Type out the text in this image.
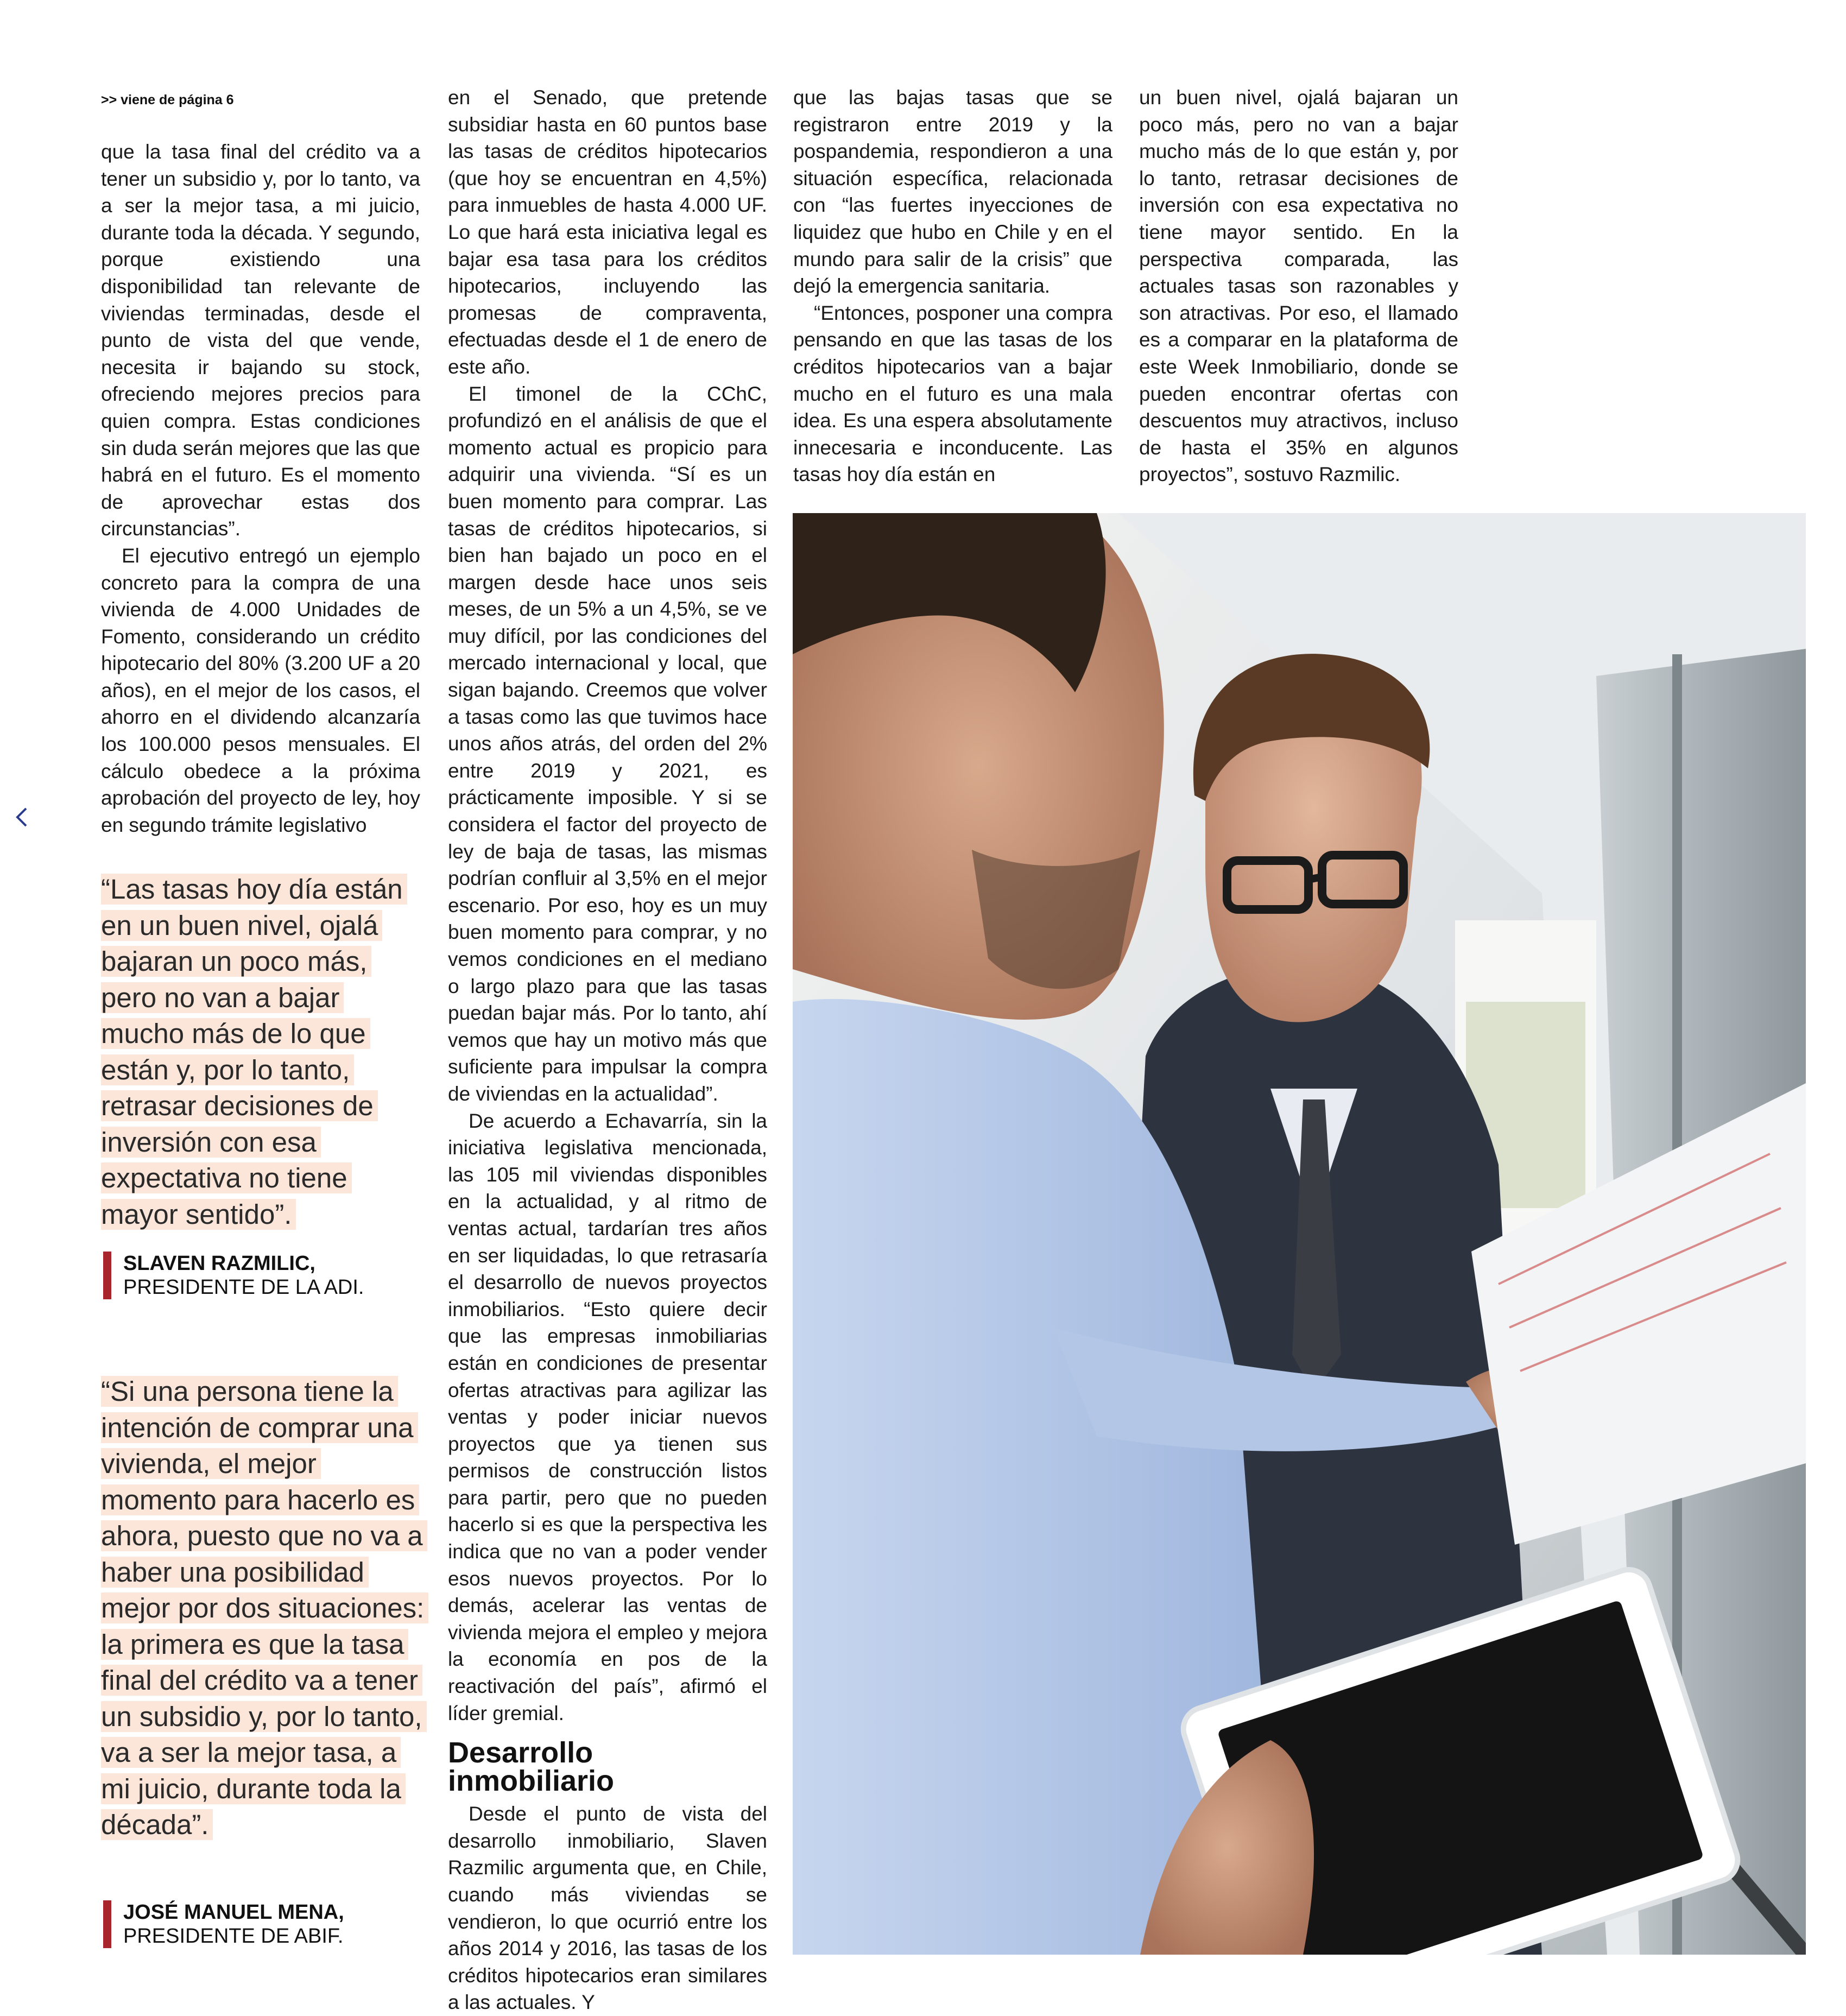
>> viene de página 6

que la tasa final del crédito va a tener un subsidio y, por lo tanto, va a ser la mejor tasa, a mi juicio, durante toda la década. Y segundo, porque existiendo una disponibilidad tan relevante de viviendas terminadas, desde el punto de vista del que vende, necesita ir bajando su stock, ofreciendo mejores precios para quien compra. Estas condiciones sin duda serán mejores que las que habrá en el futuro. Es el momento de aprovechar estas dos circunstancias”.

El ejecutivo entregó un ejemplo concreto para la compra de una vivienda de 4.000 Unidades de Fomento, considerando un crédito hipotecario del 80% (3.200 UF a 20 años), en el mejor de los casos, el ahorro en el dividendo alcanzaría los 100.000 pesos mensuales. El cálculo obedece a la próxima aprobación del proyecto de ley, hoy en segundo trámite legislativo

en el Senado, que pretende subsidiar hasta en 60 puntos base las tasas de créditos hipotecarios (que hoy se encuentran en 4,5%) para inmuebles de hasta 4.000 UF. Lo que hará esta iniciativa legal es bajar esa tasa para los créditos hipotecarios, incluyendo las promesas de compraventa, efectuadas desde el 1 de enero de este año.

El timonel de la CChC, profundizó en el análisis de que el momento actual es propicio para adquirir una vivienda. “Sí es un buen momento para comprar. Las tasas de créditos hipotecarios, si bien han bajado un poco en el margen desde hace unos seis meses, de un 5% a un 4,5%, se ve muy difícil, por las condiciones del mercado internacional y local, que sigan bajando. Creemos que volver a tasas como las que tuvimos hace unos años atrás, del orden del 2% entre 2019 y 2021, es prácticamente imposible. Y si se considera el factor del proyecto de ley de baja de tasas, las mismas podrían confluir al 3,5% en el mejor escenario. Por eso, hoy es un muy buen momento para comprar, y no vemos condiciones en el mediano o largo plazo para que las tasas puedan bajar más. Por lo tanto, ahí vemos que hay un motivo más que suficiente para impulsar la compra de viviendas en la actualidad”.

De acuerdo a Echavarría, sin la iniciativa legislativa mencionada, las 105 mil viviendas disponibles en la actualidad, y al ritmo de ventas actual, tardarían tres años en ser liquidadas, lo que retrasaría el desarrollo de nuevos proyectos inmobiliarios. “Esto quiere decir que las empresas inmobiliarias están en condiciones de presentar ofertas atractivas para agilizar las ventas y poder iniciar nuevos proyectos que ya tienen sus permisos de construcción listos para partir, pero que no pueden hacerlo si es que la perspectiva les indica que no van a poder vender esos nuevos proyectos. Por lo demás, acelerar las ventas de vivienda mejora el empleo y mejora la economía en pos de la reactivación del país”, afirmó el líder gremial.

Desarrollo inmobiliario

Desde el punto de vista del desarrollo inmobiliario, Slaven Razmilic argumenta que, en Chile, cuando más viviendas se vendieron, lo que ocurrió entre los años 2014 y 2016, las tasas de los créditos hipotecarios eran similares a las actuales. Y

que las bajas tasas que se registraron entre 2019 y la pospandemia, respondieron a una situación específica, relacionada con “las fuertes inyecciones de liquidez que hubo en Chile y en el mundo para salir de la crisis” que dejó la emergencia sanitaria.

“Entonces, posponer una compra pensando en que las tasas de los créditos hipotecarios van a bajar mucho en el futuro es una mala idea. Es una espera absolutamente innecesaria e inconducente. Las tasas hoy día están en

un buen nivel, ojalá bajaran un poco más, pero no van a bajar mucho más de lo que están y, por lo tanto, retrasar decisiones de inversión con esa expectativa no tiene mayor sentido. En la perspectiva comparada, las actuales tasas son razonables y son atractivas. Por eso, el llamado es a comparar en la plataforma de este Week Inmobiliario, donde se pueden encontrar ofertas con descuentos muy atractivos, incluso de hasta el 35% en algunos proyectos”, sostuvo Razmilic.

“Las tasas hoy día están en un buen nivel, ojalá bajaran un poco más, pero no van a bajar mucho más de lo que están y, por lo tanto, retrasar decisiones de inversión con esa expectativa no tiene mayor sentido”.
SLAVEN RAZMILIC,
PRESIDENTE DE LA ADI.
“Si una persona tiene la intención de comprar una vivienda, el mejor momento para hacerlo es ahora, puesto que no va a haber una posibilidad mejor por dos situaciones: la primera es que la tasa final del crédito va a tener un subsidio y, por lo tanto, va a ser la mejor tasa, a mi juicio, durante toda la década”.
JOSÉ MANUEL MENA,
PRESIDENTE DE ABIF.
